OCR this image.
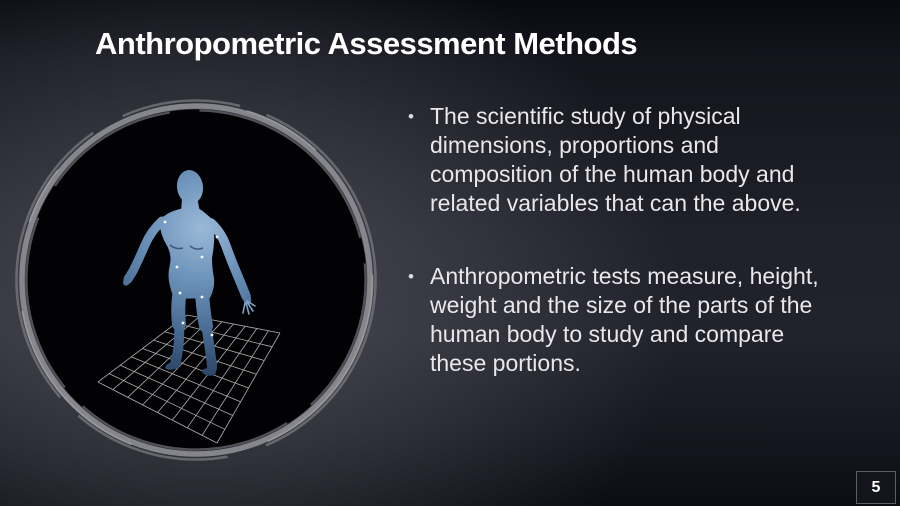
Anthropometric Assessment Methods
• The scientific study of physical
dimensions, proportions and
composition of the human body and
related variables that can the above.
• Anthropometric tests measure, height,
weight and the size of the parts of the
human body to study and compare
these portions.
5
